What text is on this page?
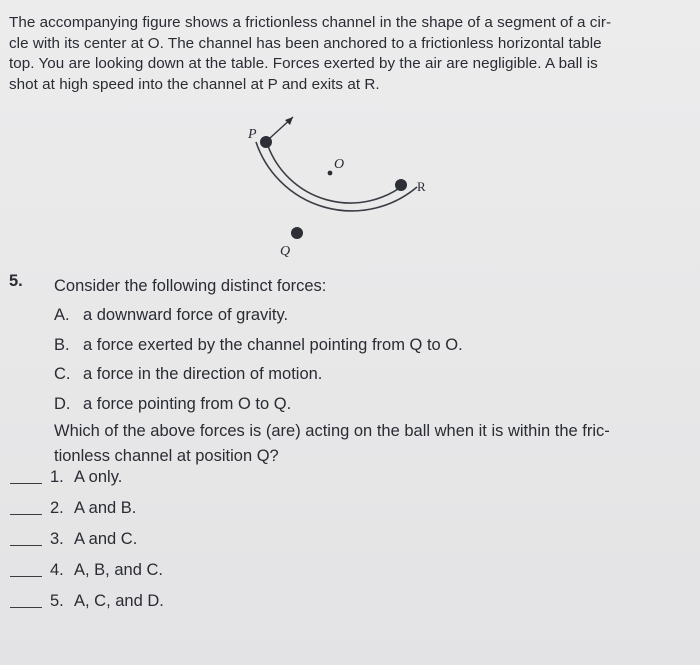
The accompanying figure shows a frictionless channel in the shape of a segment of a cir-
cle with its center at O. The channel has been anchored to a frictionless horizontal table
top. You are looking down at the table. Forces exerted by the air are negligible. A ball is
shot at high speed into the channel at P and exits at R.
P
O
R
Q
5. Consider the following distinct forces:
A. a downward force of gravity.
B. a force exerted by the channel pointing from Q to O.
C. a force in the direction of motion.
D. a force pointing from O to Q.
Which of the above forces is (are) acting on the ball when it is within the fric-
tionless channel at position Q?
1. A only.
2. A and B.
3. A and C.
4. A, B, and C.
5. A, C, and D.
